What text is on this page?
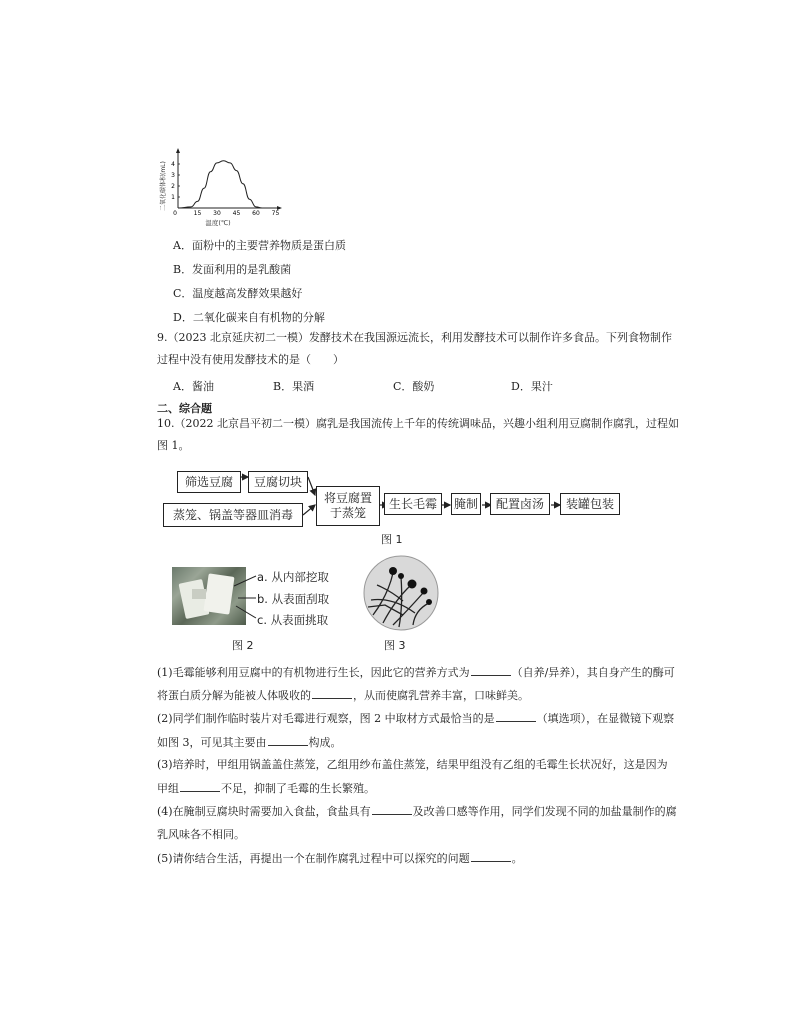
二氧化碳体积(mL) 1
2
3
4
0	15 30 45 60 75
温度(℃)
A．面粉中的主要营养物质是蛋白质
B．发面利用的是乳酸菌
C．温度越高发酵效果越好
D．二氧化碳来自有机物的分解
9.（2023 北京延庆初二一模）发酵技术在我国源远流长，利用发酵技术可以制作许多食品。下列食物制作
过程中没有使用发酵技术的是（　　）
A．酱油	B．果酒	C．酸奶	D．果汁
二、综合题
10.（2022 北京昌平初二一模）腐乳是我国流传上千年的传统调味品，兴趣小组利用豆腐制作腐乳，过程如
图 1。
筛选豆腐	豆腐切块
蒸笼、锅盖等器皿消毒
将豆腐置于蒸笼
生长毛霉	腌制	配置卤汤	装罐包装
图 1
a. 从内部挖取
b. 从表面刮取
c. 从表面挑取
图 2	图 3
(1)毛霉能够利用豆腐中的有机物进行生长，因此它的营养方式为	（自养/异养），其自身产生的酶可
将蛋白质分解为能被人体吸收的	，从而使腐乳营养丰富，口味鲜美。
(2)同学们制作临时装片对毛霉进行观察，图 2 中取材方式最恰当的是	（填选项），在显微镜下观察
如图 3，可见其主要由	构成。
(3)培养时，甲组用锅盖盖住蒸笼，乙组用纱布盖住蒸笼，结果甲组没有乙组的毛霉生长状况好，这是因为
甲组	不足，抑制了毛霉的生长繁殖。
(4)在腌制豆腐块时需要加入食盐，食盐具有	及改善口感等作用，同学们发现不同的加盐量制作的腐
乳风味各不相同。
(5)请你结合生活，再提出一个在制作腐乳过程中可以探究的问题	。
